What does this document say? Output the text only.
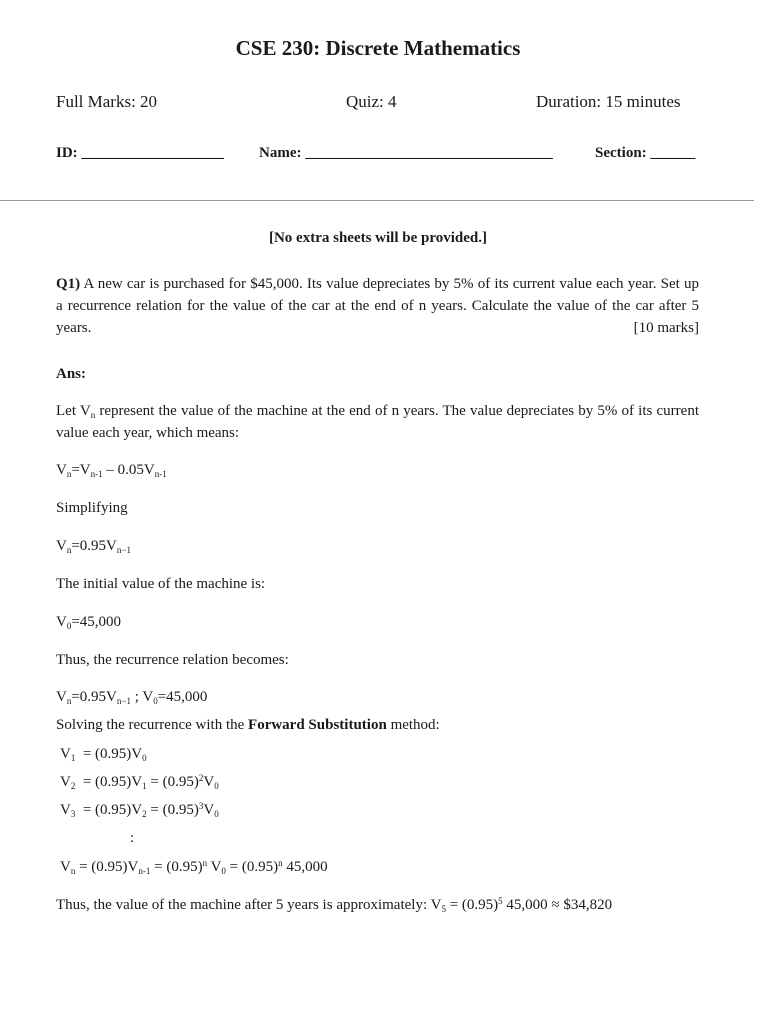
CSE 230: Discrete Mathematics
Full Marks: 20	Quiz: 4	Duration: 15 minutes
ID: ___________________ Name: _________________________________	Section: ______
[No extra sheets will be provided.]
Q1) A new car is purchased for $45,000. Its value depreciates by 5% of its current value each year. Set up a recurrence relation for the value of the car at the end of n years. Calculate the value of the car after 5 years.	[10 marks]
Ans:
Let $V_n$ represent the value of the machine at the end of n years. The value depreciates by 5% of its current value each year, which means:
$V_n=V_{n-1} - 0.05V_{n-1}$
Simplifying
$V_n=0.95V_{n-1}$
The initial value of the machine is:
$V_0=45,000$
Thus, the recurrence relation becomes:
$V_n=0.95V_{n-1}$ ; $V_0=45,000$
Solving the recurrence with the Forward Substitution method:
$V_1 = (0.95)V_0$
$V_2 = (0.95)V_1 = (0.95)^2V_0$
$V_3 = (0.95)V_2 = (0.95)^3V_0$
:
$V_n = (0.95)V_{n-1} = (0.95)^n$ $V_0 = (0.95)^n$ 45,000
Thus, the value of the machine after 5 years is approximately: $V_5 = (0.95)^5$ 45,000 ≈ $34,820
